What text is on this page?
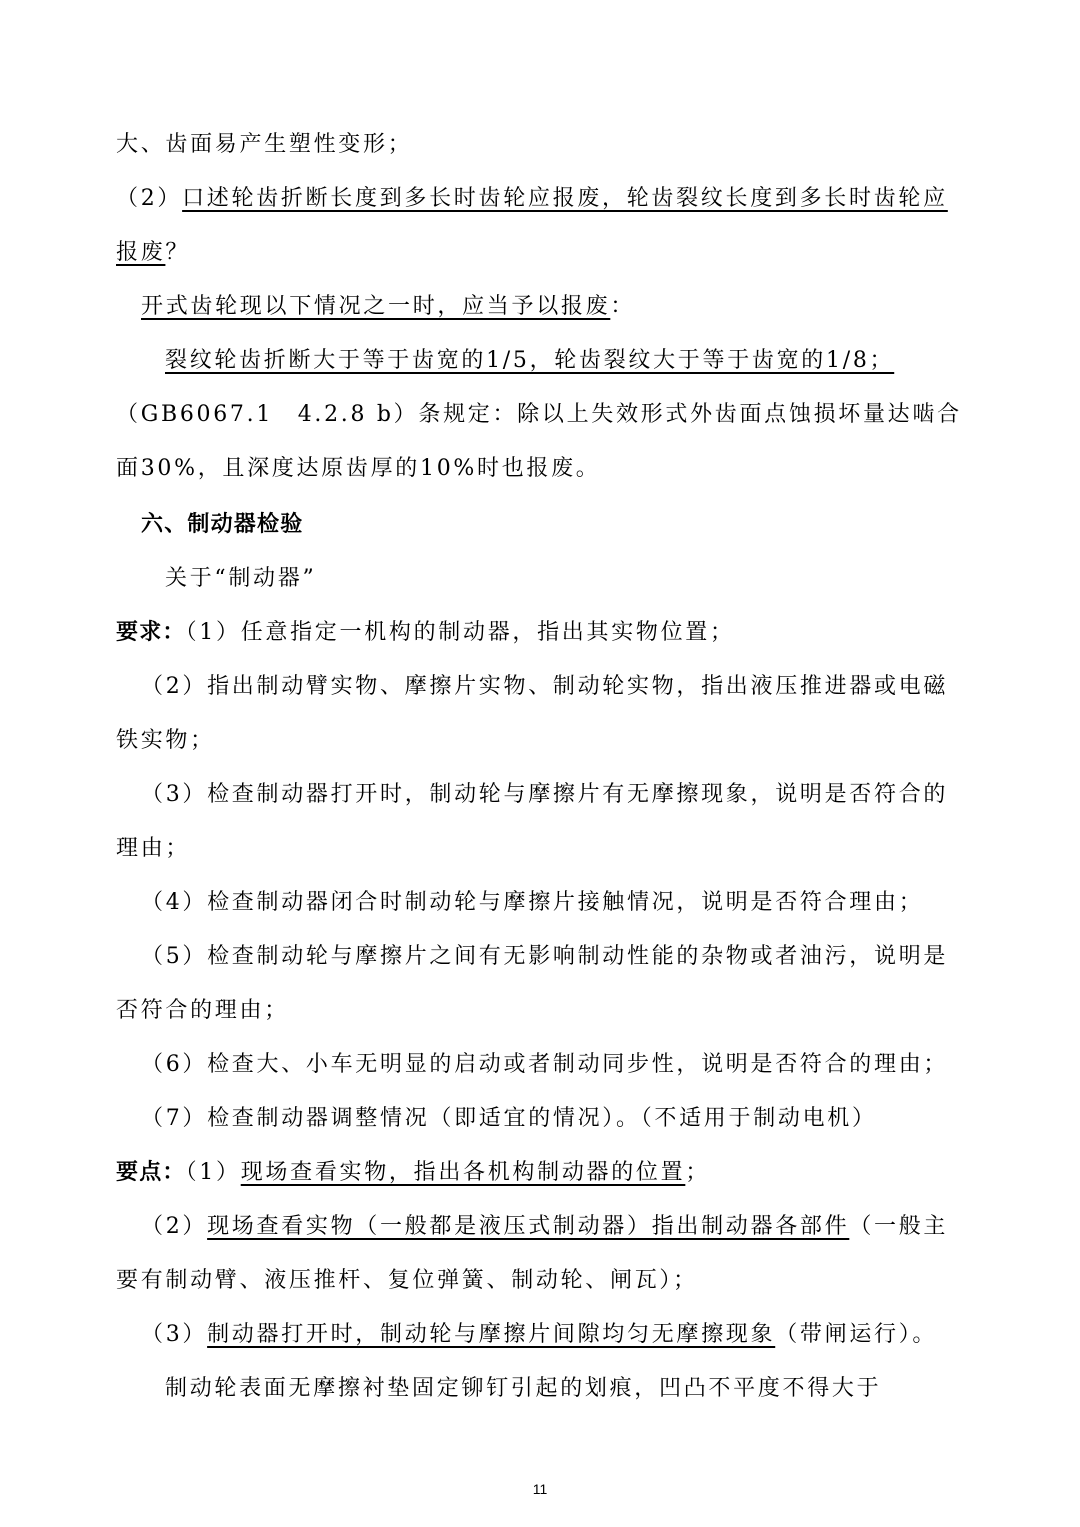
大、齿面易产生塑性变形；
（2）口述轮齿折断长度到多长时齿轮应报废，轮齿裂纹长度到多长时齿轮应
报废？
开式齿轮现以下情况之一时，应当予以报废：
裂纹轮齿折断大于等于齿宽的1/5，轮齿裂纹大于等于齿宽的1/8；
（GB6067.1　4.2.8 b）条规定：除以上失效形式外齿面点蚀损坏量达啮合
面30%，且深度达原齿厚的10%时也报废。
六、制动器检验
关于“制动器”
要求：（1）任意指定一机构的制动器，指出其实物位置；
（2）指出制动臂实物、摩擦片实物、制动轮实物，指出液压推进器或电磁
铁实物；
（3）检查制动器打开时，制动轮与摩擦片有无摩擦现象，说明是否符合的
理由；
（4）检查制动器闭合时制动轮与摩擦片接触情况，说明是否符合理由；
（5）检查制动轮与摩擦片之间有无影响制动性能的杂物或者油污，说明是
否符合的理由；
（6）检查大、小车无明显的启动或者制动同步性，说明是否符合的理由；
（7）检查制动器调整情况（即适宜的情况）。（不适用于制动电机）
要点：（1）现场查看实物，指出各机构制动器的位置；
（2）现场查看实物（一般都是液压式制动器）指出制动器各部件（一般主
要有制动臂、液压推杆、复位弹簧、制动轮、闸瓦）；
（3）制动器打开时，制动轮与摩擦片间隙均匀无摩擦现象（带闸运行）。
制动轮表面无摩擦衬垫固定铆钉引起的划痕，凹凸不平度不得大于
11
